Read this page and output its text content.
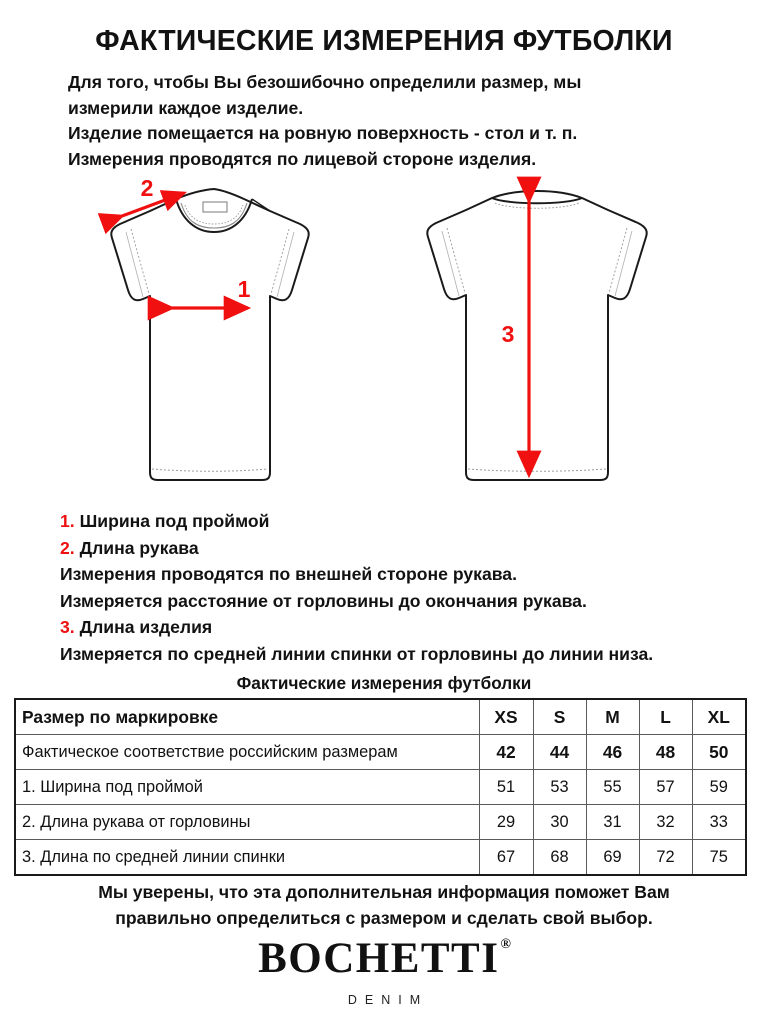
ФАКТИЧЕСКИЕ ИЗМЕРЕНИЯ ФУТБОЛКИ
Для того, чтобы Вы безошибочно определили размер, мы
измерили каждое изделие.
Изделие помещается на ровную поверхность - стол и т. п.
Измерения проводятся по лицевой стороне изделия.
1
2
3
1. Ширина под проймой
2. Длина рукава
Измерения проводятся по внешней стороне рукава.
Измеряется расстояние от горловины до окончания рукава.
3. Длина изделия
Измеряется по средней линии спинки от горловины до линии низа.
Фактические измерения футболки
Размер по маркировке	XS	S	M	L	XL
Фактическое соответствие российским размерам	42	44	46	48	50
1. Ширина под проймой	51	53	55	57	59
2. Длина рукава от горловины	29	30	31	32	33
3. Длина по средней линии спинки	67	68	69	72	75
Мы уверены, что эта дополнительная информация поможет Вам
правильно определиться с размером и сделать свой выбор.
BOCHETTI®
DENIM
